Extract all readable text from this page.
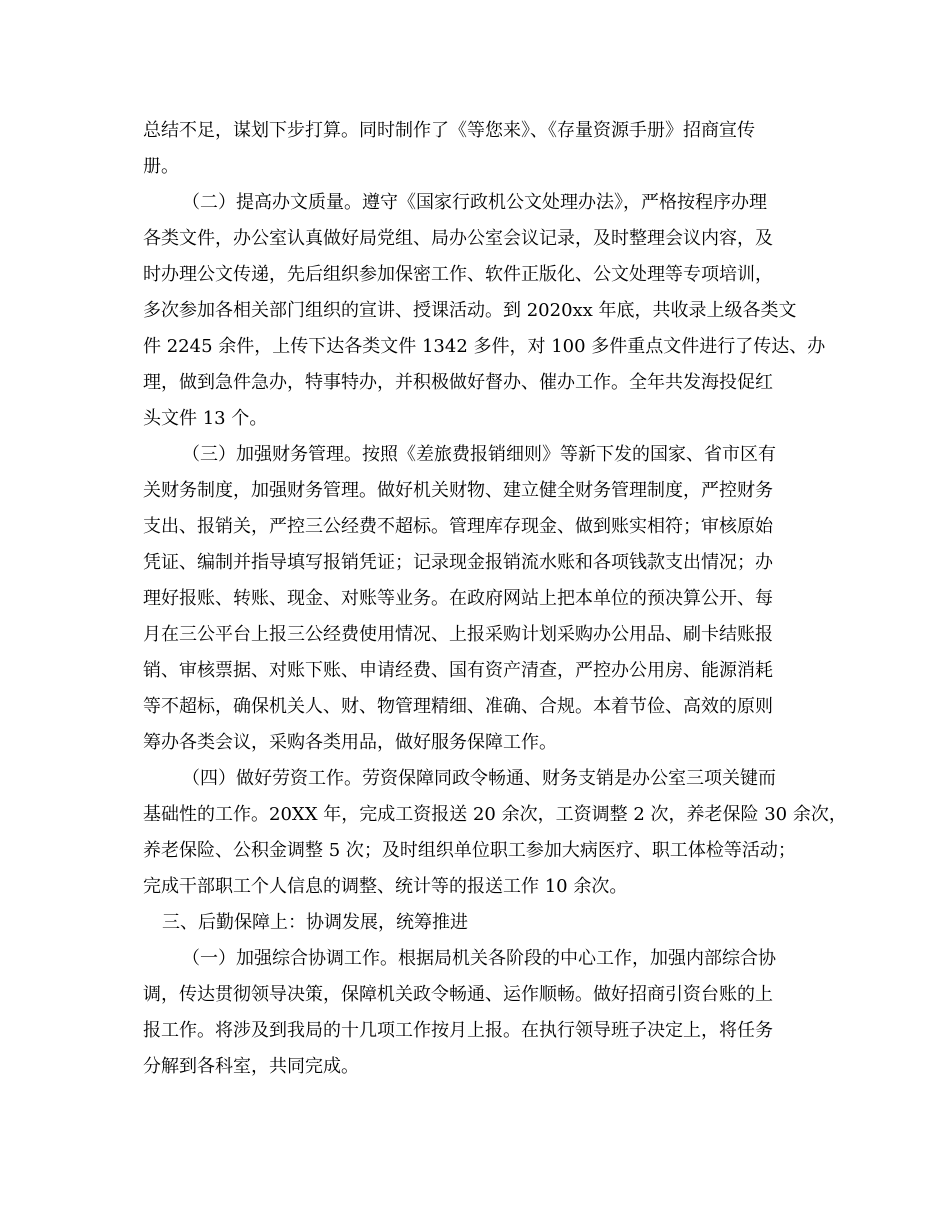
总结不足，谋划下步打算。同时制作了《等您来》、《存量资源手册》招商宣传
册。
（二）提高办文质量。遵守《国家行政机公文处理办法》，严格按程序办理
各类文件，办公室认真做好局党组、局办公室会议记录，及时整理会议内容，及
时办理公文传递，先后组织参加保密工作、软件正版化、公文处理等专项培训，
多次参加各相关部门组织的宣讲、授课活动。到 2020xx 年底，共收录上级各类文
件 2245 余件，上传下达各类文件 1342 多件，对 100 多件重点文件进行了传达、办
理，做到急件急办，特事特办，并积极做好督办、催办工作。全年共发海投促红
头文件 13 个。
（三）加强财务管理。按照《差旅费报销细则》等新下发的国家、省市区有
关财务制度，加强财务管理。做好机关财物、建立健全财务管理制度，严控财务
支出、报销关，严控三公经费不超标。管理库存现金、做到账实相符；审核原始
凭证、编制并指导填写报销凭证；记录现金报销流水账和各项钱款支出情况；办
理好报账、转账、现金、对账等业务。在政府网站上把本单位的预决算公开、每
月在三公平台上报三公经费使用情况、上报采购计划采购办公用品、刷卡结账报
销、审核票据、对账下账、申请经费、国有资产清查，严控办公用房、能源消耗
等不超标，确保机关人、财、物管理精细、准确、合规。本着节俭、高效的原则
筹办各类会议，采购各类用品，做好服务保障工作。
（四）做好劳资工作。劳资保障同政令畅通、财务支销是办公室三项关键而
基础性的工作。20XX 年，完成工资报送 20 余次，工资调整 2 次，养老保险 30 余次，
养老保险、公积金调整 5 次；及时组织单位职工参加大病医疗、职工体检等活动；
完成干部职工个人信息的调整、统计等的报送工作 10 余次。
三、后勤保障上：协调发展，统筹推进
（一）加强综合协调工作。根据局机关各阶段的中心工作，加强内部综合协
调，传达贯彻领导决策，保障机关政令畅通、运作顺畅。做好招商引资台账的上
报工作。将涉及到我局的十几项工作按月上报。在执行领导班子决定上，将任务
分解到各科室，共同完成。
